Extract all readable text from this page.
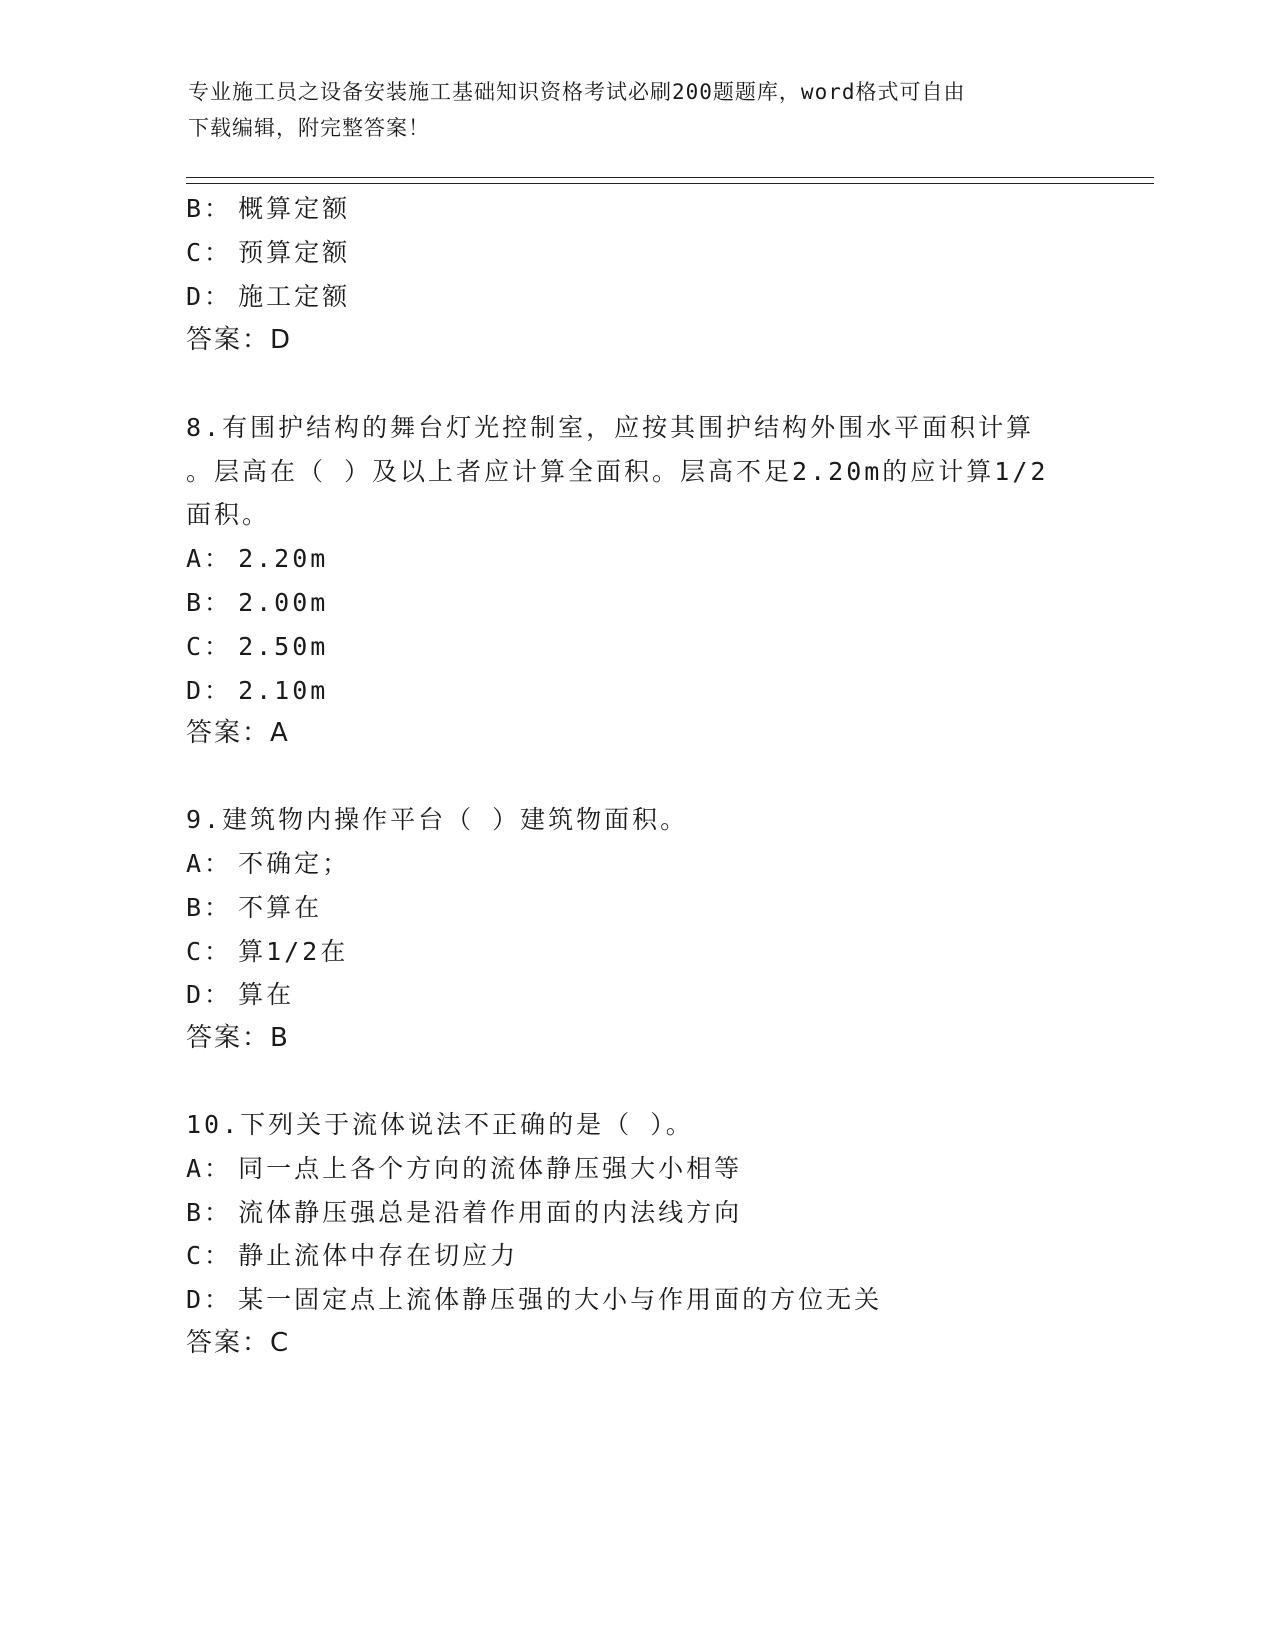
专业施工员之设备安装施工基础知识资格考试必刷200题题库，word格式可自由
下载编辑，附完整答案！
B： 概算定额
C： 预算定额
D： 施工定额
答案：D
8.有围护结构的舞台灯光控制室，应按其围护结构外围水平面积计算
。层高在（ ）及以上者应计算全面积。层高不足2.20m的应计算1/2
面积。
A： 2.20m
B： 2.00m
C： 2.50m
D： 2.10m
答案：A
9.建筑物内操作平台（ ）建筑物面积。
A： 不确定；
B： 不算在
C： 算1/2在
D： 算在
答案：B
10.下列关于流体说法不正确的是（ ）。
A： 同一点上各个方向的流体静压强大小相等
B： 流体静压强总是沿着作用面的内法线方向
C： 静止流体中存在切应力
D： 某一固定点上流体静压强的大小与作用面的方位无关
答案：C
